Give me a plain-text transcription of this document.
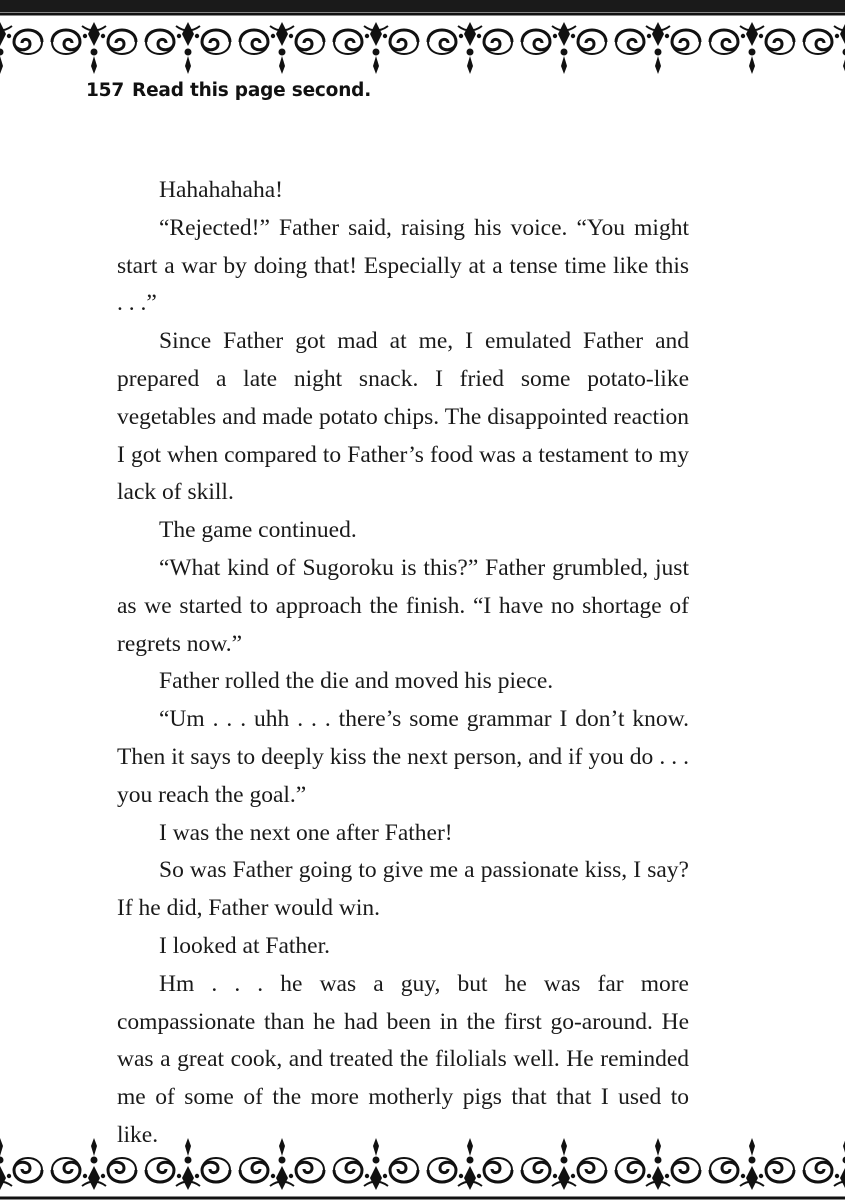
157 Read this page second.

Hahahahaha!

“Rejected!” Father said, raising his voice. “You might start a war by doing that! Especially at a tense time like this . . .”

Since Father got mad at me, I emulated Father and prepared a late night snack. I fried some potato-like vegetables and made potato chips. The disappointed reaction I got when compared to Father’s food was a testament to my lack of skill.

The game continued.

“What kind of Sugoroku is this?” Father grumbled, just as we started to approach the finish. “I have no shortage of regrets now.”

Father rolled the die and moved his piece.

“Um . . . uhh . . . there’s some grammar I don’t know. Then it says to deeply kiss the next person, and if you do . . . you reach the goal.”

I was the next one after Father!

So was Father going to give me a passionate kiss, I say? If he did, Father would win.

I looked at Father.

Hm . . . he was a guy, but he was far more compassionate than he had been in the first go-around. He was a great cook, and treated the filolials well. He reminded me of some of the more motherly pigs that that I used to like.
